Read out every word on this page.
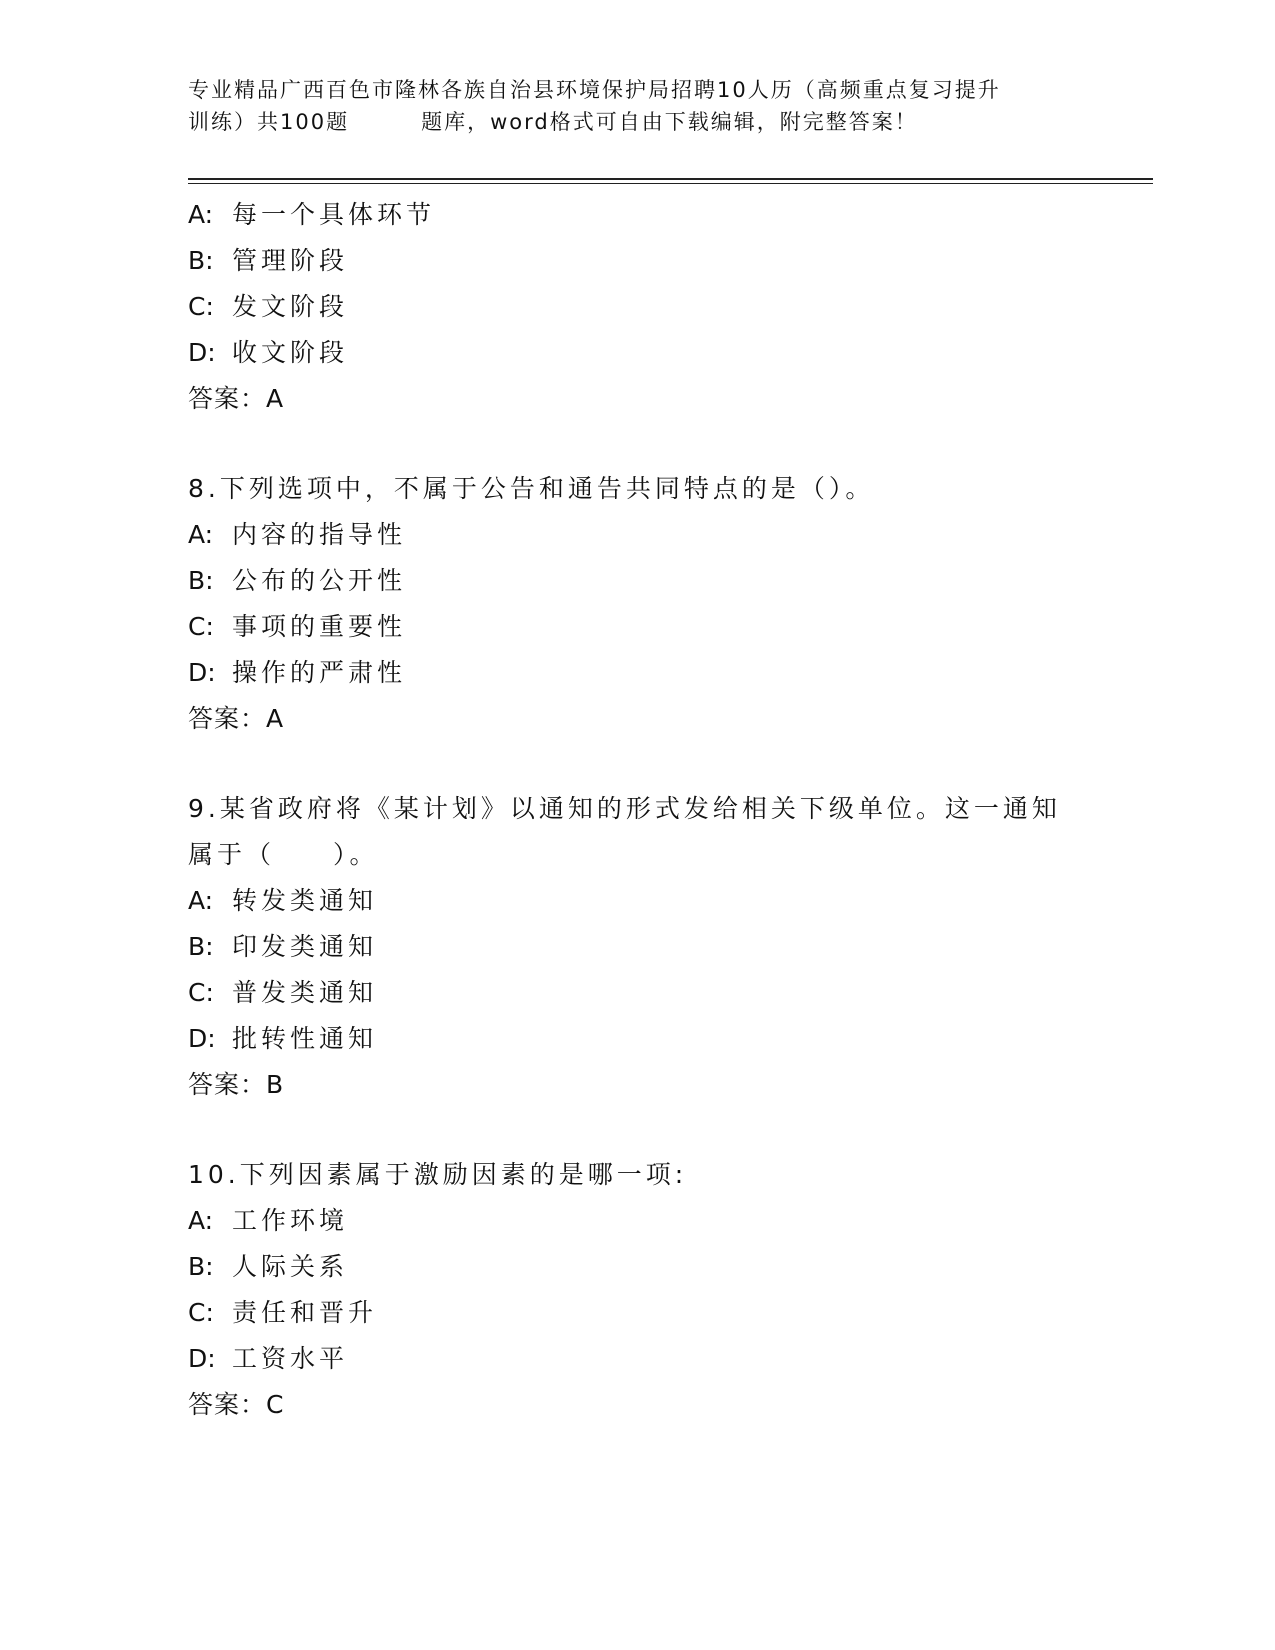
专业精品广西百色市隆林各族自治县环境保护局招聘10人历（高频重点复习提升
训练）共100题	题库，word格式可自由下载编辑，附完整答案！
A: 每一个具体环节
B: 管理阶段
C: 发文阶段
D: 收文阶段
答案：A
8.下列选项中，不属于公告和通告共同特点的是（）。
A: 内容的指导性
B: 公布的公开性
C: 事项的重要性
D: 操作的严肃性
答案：A
9.某省政府将《某计划》以通知的形式发给相关下级单位。这一通知
属于（　　）。
A: 转发类通知
B: 印发类通知
C: 普发类通知
D: 批转性通知
答案：B
10.下列因素属于激励因素的是哪一项:
A: 工作环境
B: 人际关系
C: 责任和晋升
D: 工资水平
答案：C
